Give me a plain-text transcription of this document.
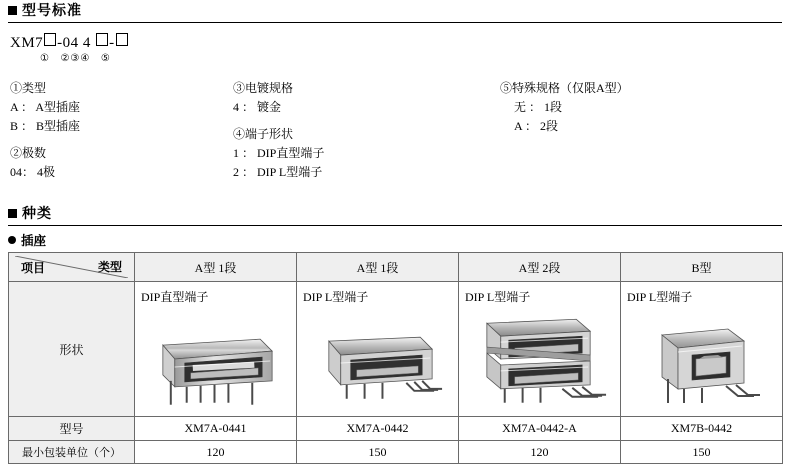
型号标准
XM7 -04 4 -
① ②③④ ⑤
①类型
A ： A型插座
B ： B型插座
②极数
04： 4极
③电镀规格
4 ： 镀金
④端子形状
1 ： DIP直型端子
2 ： DIP L型端子
⑤特殊规格（仅限A型）
无 ： 1段
A ： 2段
种类
插座
项目 类型	A型 1段	A型 1段	A型 2段	B型
形状	DIP直型端子	DIP L型端子	DIP L型端子	DIP L型端子

型号	XM7A-0441	XM7A-0442	XM7A-0442-A	XM7B-0442
最小包装单位（个）	120	150	120	150
